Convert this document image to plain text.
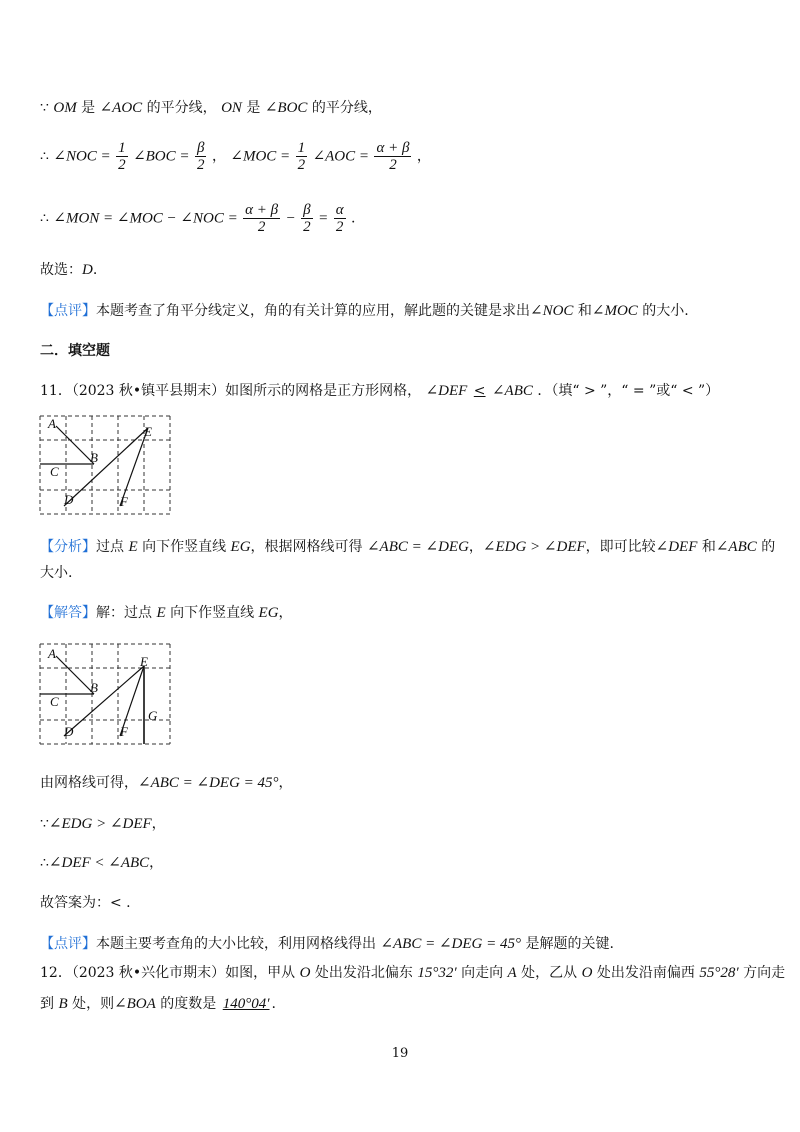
∵ OM 是 ∠AOC 的平分线， ON 是 ∠BOC 的平分线，
∴ ∠NOC = $\frac{1}{2}$ ∠BOC = $\frac{\beta}{2}$ ， ∠MOC = $\frac{1}{2}$ ∠AOC = $\frac{\alpha + \beta}{2}$ ，
∴ ∠MON = ∠MOC − ∠NOC = $\frac{\alpha + \beta}{2} - \frac{\beta}{2} = \frac{\alpha}{2}$ .
故选：D.
【点评】本题考查了角平分线定义，角的有关计算的应用，解此题的关键是求出∠NOC 和∠MOC 的大小.
二．填空题
11．（2023 秋•镇平县期末）如图所示的网格是正方形网格， ∠DEF < ∠ABC ．（填“ > ”，“ = ”或“ < ”）
A
B
C
D
E
F
【分析】过点 E 向下作竖直线 EG，根据网格线可得 ∠ABC = ∠DEG，∠EDG > ∠DEF，即可比较∠DEF 和∠ABC 的
大小.
【解答】解：过点 E 向下作竖直线 EG，
A
B
C
D
E
F
G
由网格线可得，∠ABC = ∠DEG = 45°，
∵∠EDG > ∠DEF，
∴∠DEF < ∠ABC，
故答案为：< .
【点评】本题主要考查角的大小比较，利用网格线得出 ∠ABC = ∠DEG = 45° 是解题的关键.
12．（2023 秋•兴化市期末）如图，甲从 O 处出发沿北偏东 15°32′ 向走向 A 处，乙从 O 处出发沿南偏西 55°28′ 方向走
到 B 处，则∠BOA 的度数是 140°04′ .
19
